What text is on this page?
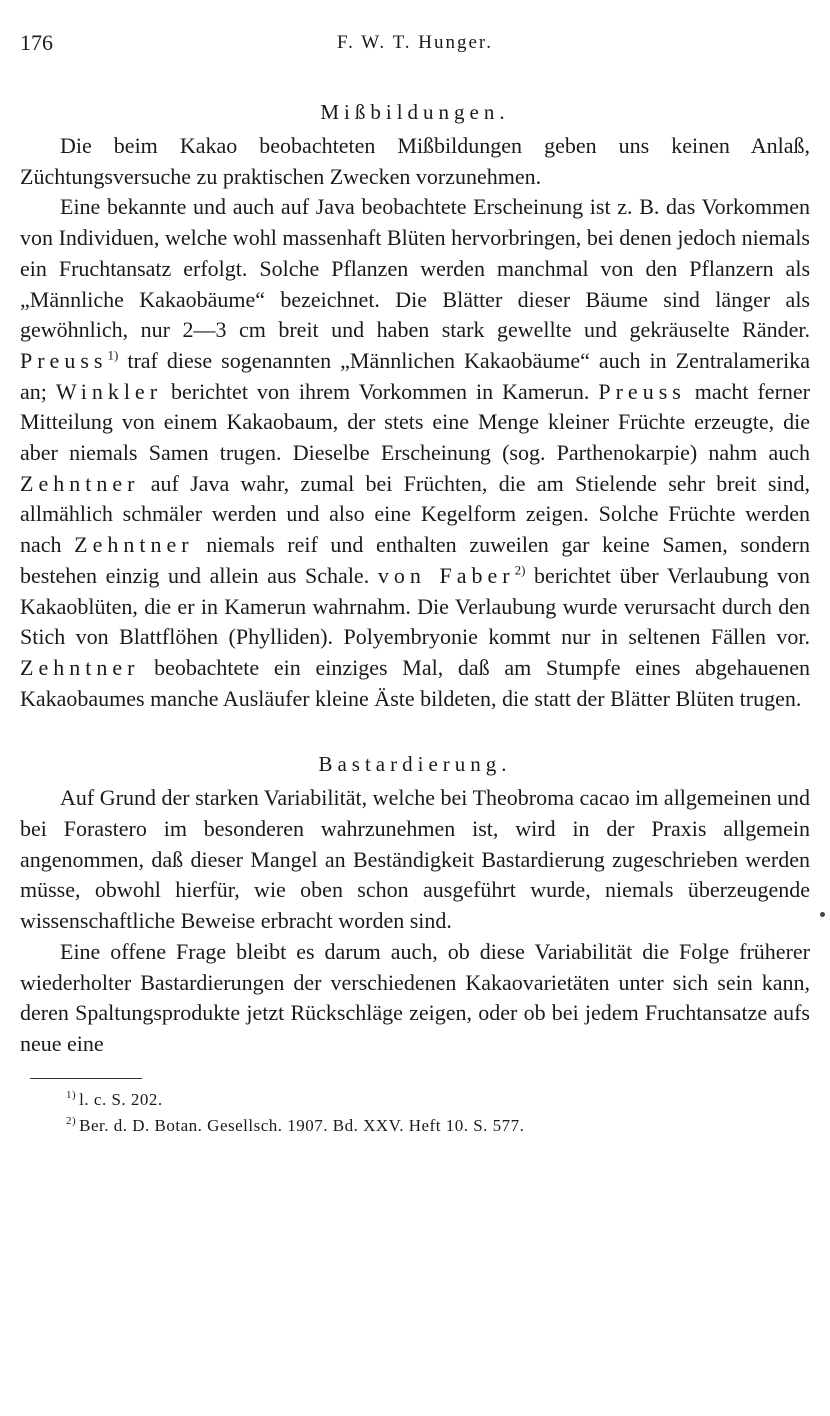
176	F. W. T. Hunger.
Mißbildungen.

Die beim Kakao beobachteten Mißbildungen geben uns keinen Anlaß, Züchtungsversuche zu praktischen Zwecken vorzunehmen.

Eine bekannte und auch auf Java beobachtete Erscheinung ist z. B. das Vorkommen von Individuen, welche wohl massenhaft Blüten hervorbringen, bei denen jedoch niemals ein Fruchtansatz erfolgt. Solche Pflanzen werden manchmal von den Pflanzern als „Männliche Kakaobäume“ bezeichnet. Die Blätter dieser Bäume sind länger als gewöhnlich, nur 2—3 cm breit und haben stark gewellte und gekräuselte Ränder. Preuss$^{1)}$ traf diese sogenannten „Männlichen Kakaobäume“ auch in Zentralamerika an; Winkler berichtet von ihrem Vorkommen in Kamerun. Preuss macht ferner Mitteilung von einem Kakaobaum, der stets eine Menge kleiner Früchte erzeugte, die aber niemals Samen trugen. Dieselbe Erscheinung (sog. Parthenokarpie) nahm auch Zehntner auf Java wahr, zumal bei Früchten, die am Stielende sehr breit sind, allmählich schmäler werden und also eine Kegelform zeigen. Solche Früchte werden nach Zehntner niemals reif und enthalten zuweilen gar keine Samen, sondern bestehen einzig und allein aus Schale. von Faber$^{2)}$ berichtet über Verlaubung von Kakaoblüten, die er in Kamerun wahrnahm. Die Verlaubung wurde verursacht durch den Stich von Blattflöhen (Phylliden). Polyembryonie kommt nur in seltenen Fällen vor. Zehntner beobachtete ein einziges Mal, daß am Stumpfe eines abgehauenen Kakaobaumes manche Ausläufer kleine Äste bildeten, die statt der Blätter Blüten trugen.

Bastardierung.

Auf Grund der starken Variabilität, welche bei Theobroma cacao im allgemeinen und bei Forastero im besonderen wahrzunehmen ist, wird in der Praxis allgemein angenommen, daß dieser Mangel an Beständigkeit Bastardierung zugeschrieben werden müsse, obwohl hierfür, wie oben schon ausgeführt wurde, niemals überzeugende wissenschaftliche Beweise erbracht worden sind.

Eine offene Frage bleibt es darum auch, ob diese Variabilität die Folge früherer wiederholter Bastardierungen der verschiedenen Kakaovarietäten unter sich sein kann, deren Spaltungsprodukte jetzt Rückschläge zeigen, oder ob bei jedem Fruchtansatze aufs neue eine

$^{1)}$ l. c. S. 202.
$^{2)}$ Ber. d. D. Botan. Gesellsch. 1907. Bd. XXV. Heft 10. S. 577.
